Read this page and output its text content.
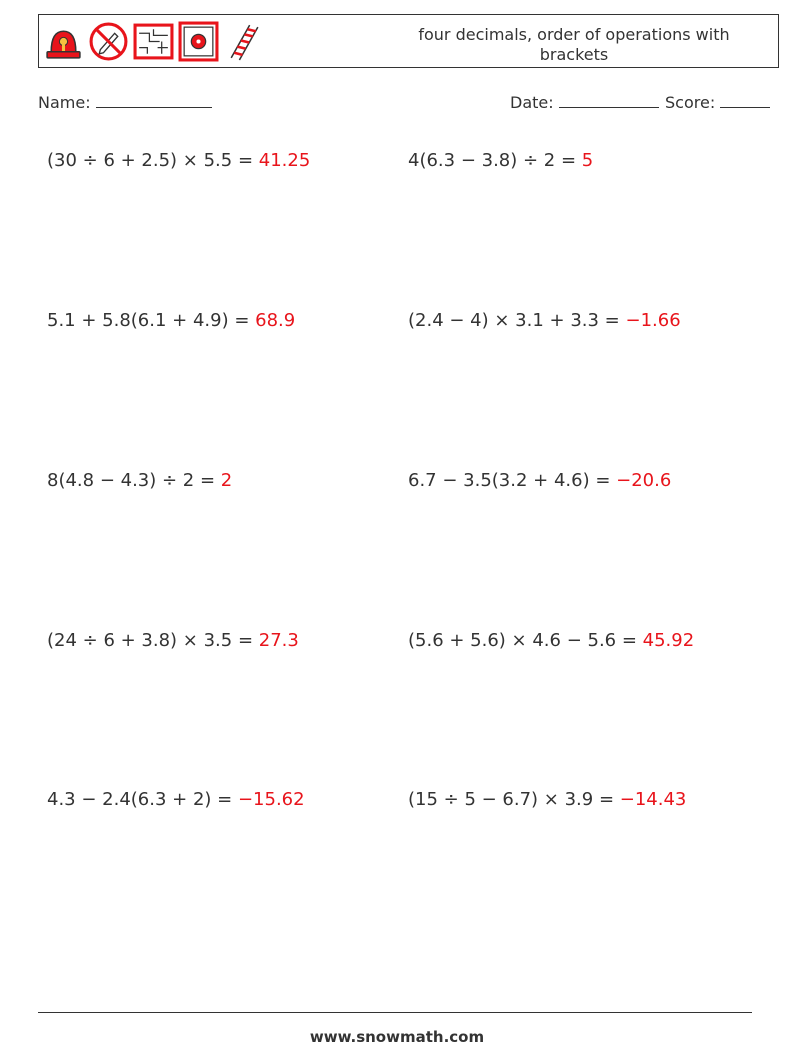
four decimals, order of operations with brackets
Name:	Date:	Score:
(30 ÷ 6 + 2.5) × 5.5 = 41.25	4(6.3 − 3.8) ÷ 2 = 5
5.1 + 5.8(6.1 + 4.9) = 68.9	(2.4 − 4) × 3.1 + 3.3 = −1.66
8(4.8 − 4.3) ÷ 2 = 2	6.7 − 3.5(3.2 + 4.6) = −20.6
(24 ÷ 6 + 3.8) × 3.5 = 27.3	(5.6 + 5.6) × 4.6 − 5.6 = 45.92
4.3 − 2.4(6.3 + 2) = −15.62	(15 ÷ 5 − 6.7) × 3.9 = −14.43
www.snowmath.com
